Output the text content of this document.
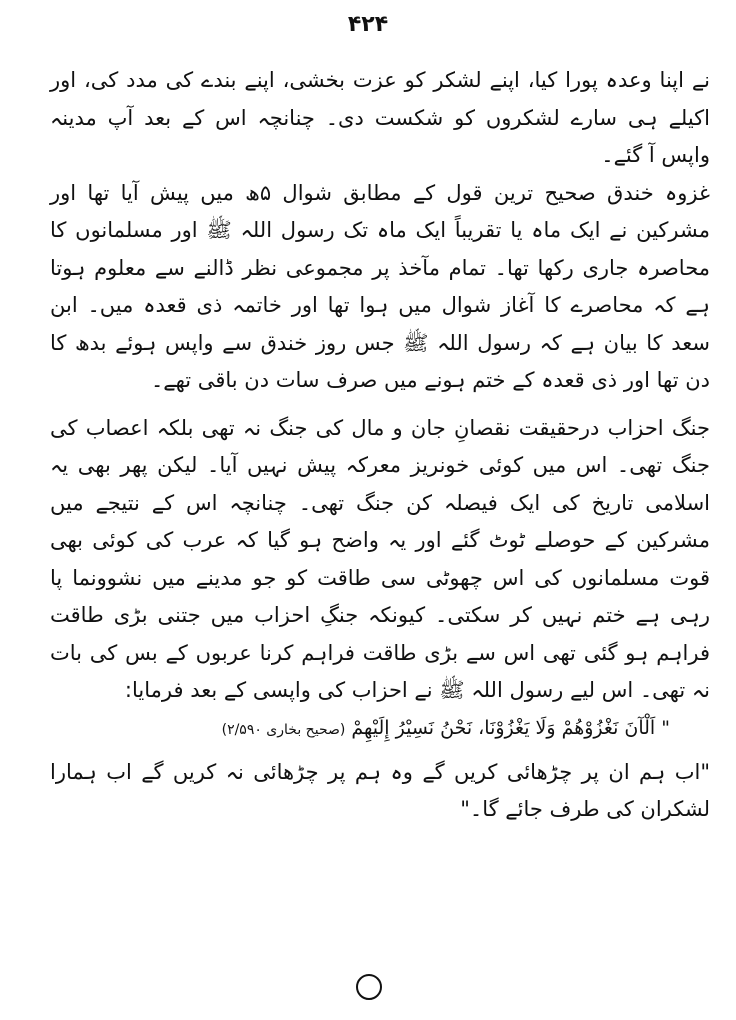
۴۲۴

نے اپنا وعدہ پورا کیا، اپنے لشکر کو عزت بخشی، اپنے بندے کی مدد کی، اور اکیلے ہی سارے لشکروں کو شکست دی۔ چنانچہ اس کے بعد آپ مدینہ واپس آ گئے۔

غزوہ خندق صحیح ترین قول کے مطابق شوال ۵ھ میں پیش آیا تھا اور مشرکین نے ایک ماہ یا تقریباً ایک ماہ تک رسول اللہ ﷺ اور مسلمانوں کا محاصرہ جاری رکھا تھا۔ تمام مآخذ پر مجموعی نظر ڈالنے سے معلوم ہوتا ہے کہ محاصرے کا آغاز شوال میں ہوا تھا اور خاتمہ ذی قعدہ میں۔ ابن سعد کا بیان ہے کہ رسول اللہ ﷺ جس روز خندق سے واپس ہوئے بدھ کا دن تھا اور ذی قعدہ کے ختم ہونے میں صرف سات دن باقی تھے۔

جنگ احزاب درحقیقت نقصانِ جان و مال کی جنگ نہ تھی بلکہ اعصاب کی جنگ تھی۔ اس میں کوئی خونریز معرکہ پیش نہیں آیا۔ لیکن پھر بھی یہ اسلامی تاریخ کی ایک فیصلہ کن جنگ تھی۔ چنانچہ اس کے نتیجے میں مشرکین کے حوصلے ٹوٹ گئے اور یہ واضح ہو گیا کہ عرب کی کوئی بھی قوت مسلمانوں کی اس چھوٹی سی طاقت کو جو مدینے میں نشوونما پا رہی ہے ختم نہیں کر سکتی۔ کیونکہ جنگِ احزاب میں جتنی بڑی طاقت فراہم ہو گئی تھی اس سے بڑی طاقت فراہم کرنا عربوں کے بس کی بات نہ تھی۔ اس لیے رسول اللہ ﷺ نے احزاب کی واپسی کے بعد فرمایا:

" اَلْآنَ نَغْزُوْهُمْ وَلَا يَغْزُوْنَا، نَحْنُ نَسِيْرُ إِلَيْهِمْ (صحیح بخاری ۲/۵۹۰)

"اب ہم ان پر چڑھائی کریں گے وہ ہم پر چڑھائی نہ کریں گے اب ہمارا لشکران کی طرف جائے گا۔"
